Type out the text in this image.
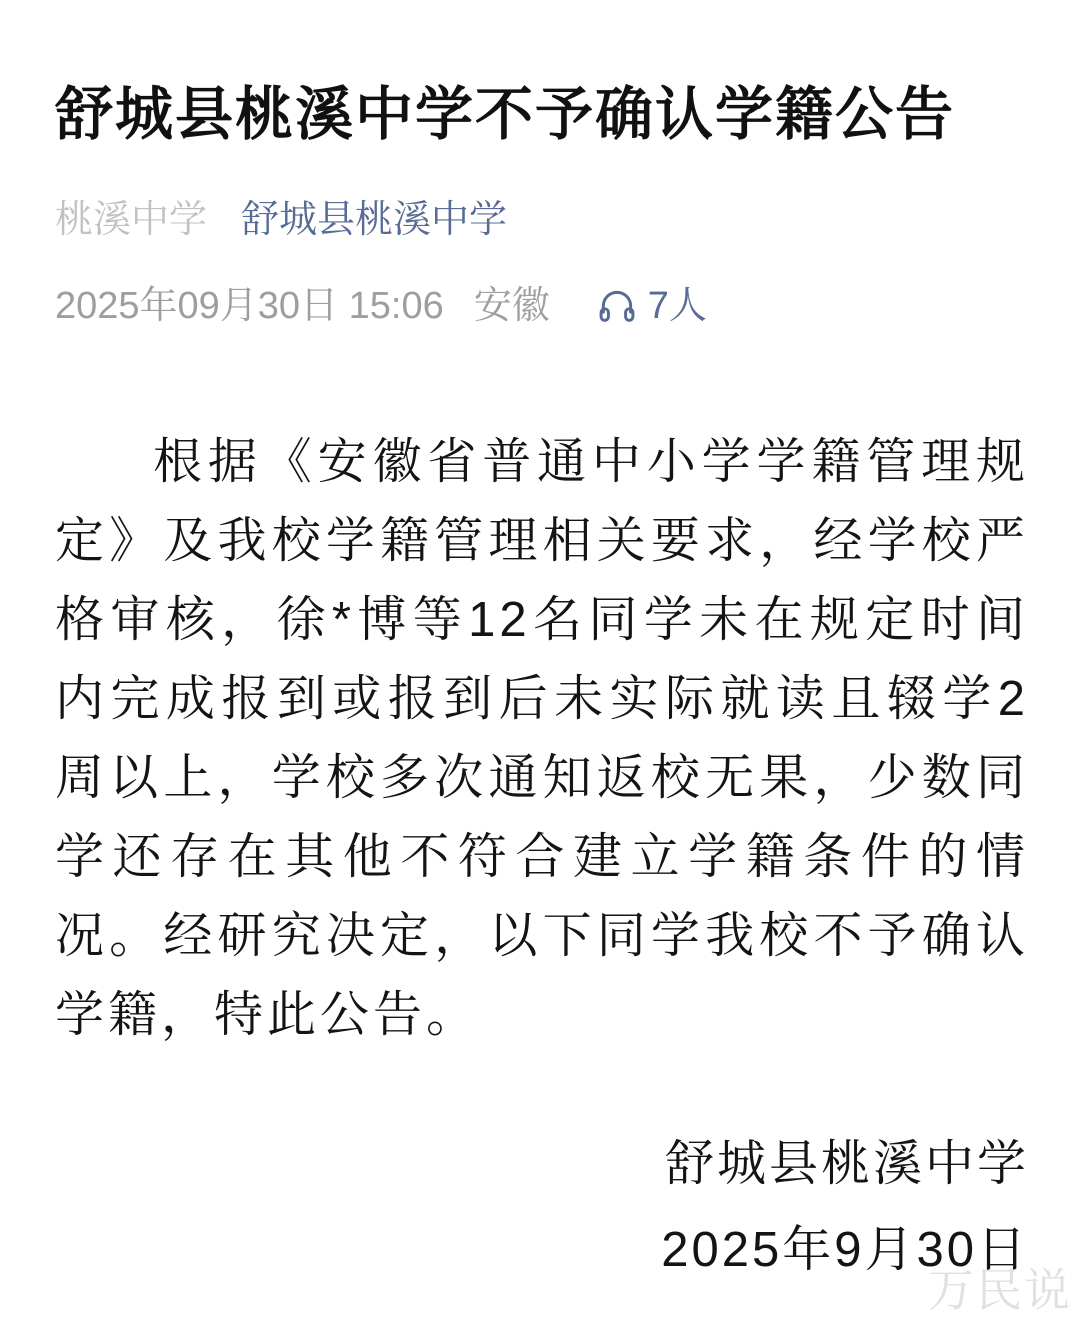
舒城县桃溪中学不予确认学籍公告
桃溪中学 舒城县桃溪中学
2025年09月30日 15:06 安徽	7人

根据《安徽省普通中小学学籍管理规定》及我校学籍管理相关要求，经学校严格审核，徐*博等12名同学未在规定时间内完成报到或报到后未实际就读且辍学2周以上，学校多次通知返校无果，少数同学还存在其他不符合建立学籍条件的情况。经研究决定，以下同学我校不予确认学籍，特此公告。

舒城县桃溪中学
2025年9月30日
万民说
